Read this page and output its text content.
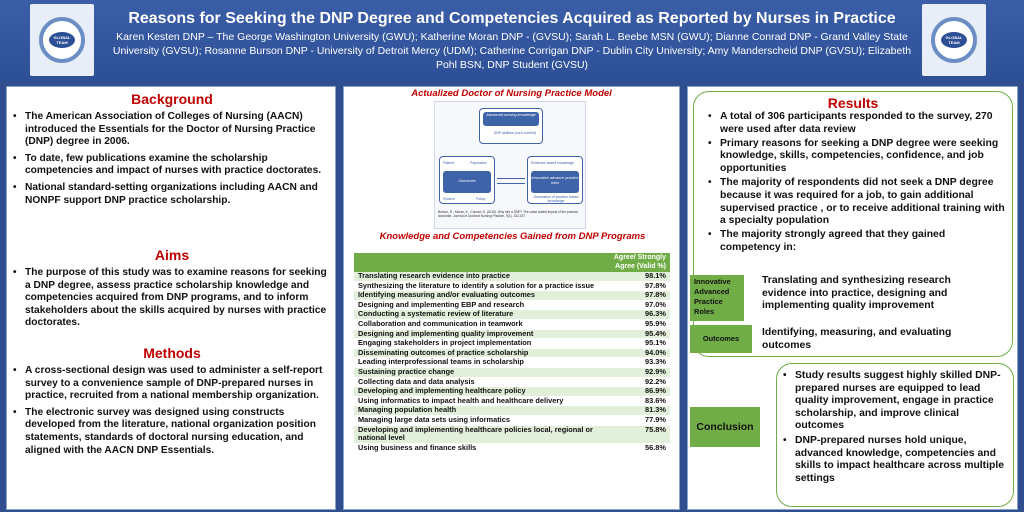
GLOBAL TEAM
Reasons for Seeking the DNP Degree and Competencies Acquired as Reported by Nurses in Practice
Karen Kesten DNP – The George Washington University (GWU); Katherine Moran DNP - (GVSU); Sarah L. Beebe MSN (GWU); Dianne Conrad DNP - Grand Valley State University (GVSU); Rosanne Burson DNP - University of Detroit Mercy (UDM); Catherine Corrigan DNP - Dublin City University; Amy Manderscheid DNP (GVSU); Elizabeth Pohl BSN, DNP Student (GVSU)
GLOBAL TEAM
Background
• The American Association of Colleges of Nursing (AACN) introduced the Essentials for the Doctor of Nursing Practice (DNP) degree in 2006.
• To date, few publications examine the scholarship competencies and impact of nurses with practice doctorates.
• National standard-setting organizations including AACN and NONPF support DNP practice scholarship.
Aims
• The purpose of this study was to examine reasons for seeking a DNP degree, assess practice scholarship knowledge and competencies acquired from DNP programs, and to inform stakeholders about the skills acquired by nurses with practice doctorates.
Methods
• A cross-sectional design was used to administer a self-report survey to a convenience sample of DNP-prepared nurses in practice, recruited from a national membership organization.
• The electronic survey was designed using constructs developed from the literature, national organization position statements, standards of doctoral nursing education, and aligned with the AACN DNP Essentials.
Actualized Doctor of Nursing Practice Model
Advanced nursing knowledge
DNP abilities (core content)
Patient	Population
Outcomes
System	Policy
Evidence-based knowledge
Innovative advance practice roles
Generation of practice based knowledge
Burson, R., Moran, K., Conrad, D. (2016). Why hire a DNP? The value added impact of the practice doctorate. Journal of Doctoral Nursing Practice, 9(1), 152-157
Knowledge and Competencies Gained from DNP Programs
	Agree/ Strongly Agree (Valid %)
Translating research evidence into practice	98.1%
Synthesizing the literature to identify a solution for a practice issue	97.8%
Identifying measuring and/or evaluating outcomes	97.8%
Designing and implementing EBP and research	97.0%
Conducting a systematic review of literature	96.3%
Collaboration and communication in teamwork	95.9%
Designing and implementing quality improvement	95.4%
Engaging stakeholders in project implementation	95.1%
Disseminating outcomes of practice scholarship	94.0%
Leading interprofessional teams in scholarship	93.3%
Sustaining practice change	92.9%
Collecting data and data analysis	92.2%
Developing and implementing healthcare policy	86.9%
Using informatics to impact health and healthcare delivery	83.6%
Managing population health	81.3%
Managing large data sets using informatics	77.9%
Developing and implementing healthcare policies local, regional or national level	75.8%
Using business and finance skills	56.8%
Results
• A total of 306 participants responded to the survey, 270 were used after data review
• Primary reasons for seeking a DNP degree were seeking knowledge, skills, competencies, confidence, and job opportunities
• The majority of respondents did not seek a DNP degree because it was required for a job, to gain additional supervised practice , or to receive additional training with a specialty population
• The majority strongly agreed that they gained competency in:
Innovative Advanced Practice Roles
Translating and synthesizing research evidence into practice, designing and implementing quality improvement
Outcomes
Identifying, measuring, and evaluating outcomes
Conclusion
• Study results suggest highly skilled DNP-prepared nurses are equipped to lead quality improvement, engage in practice scholarship, and improve clinical outcomes
• DNP-prepared nurses hold unique, advanced knowledge, competencies and skills to impact healthcare across multiple settings
